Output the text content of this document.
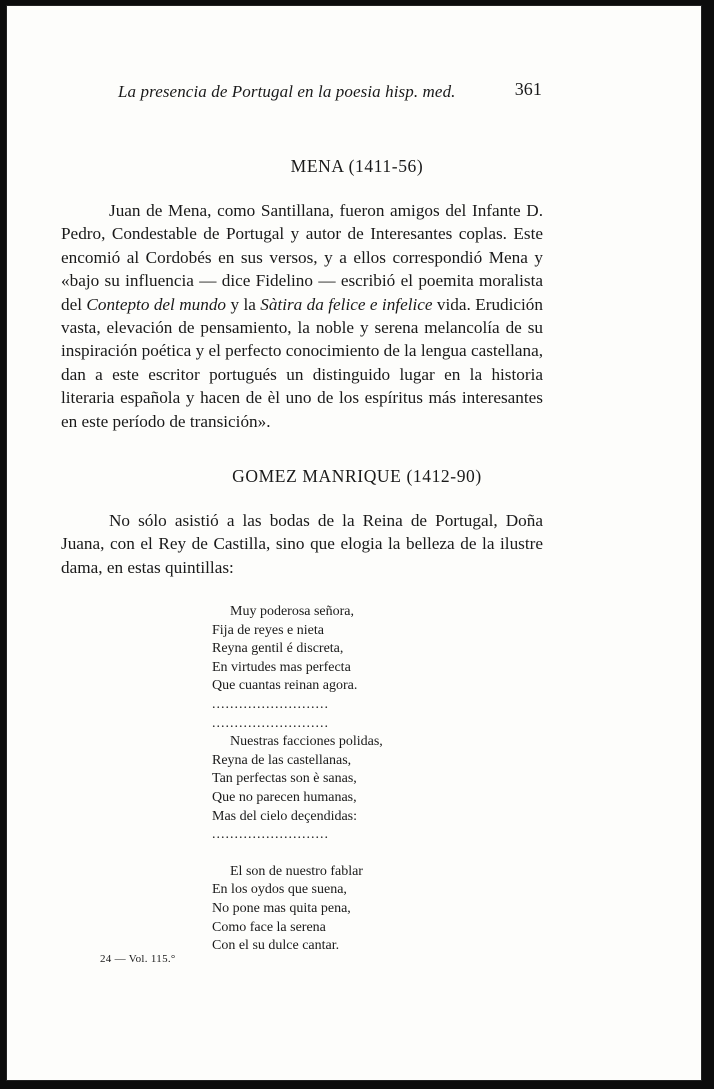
La presencia de Portugal en la poesia hisp. med.	361
MENA (1411-56)
Juan de Mena, como Santillana, fueron amigos del Infante D. Pedro, Condestable de Portugal y autor de Interesantes coplas. Este encomió al Cordobés en sus versos, y a ellos correspondió Mena y «bajo su influencia — dice Fidelino — escribió el poemita moralista del Contepto del mundo y la Sàtira da felice e infelice vida. Erudición vasta, elevación de pensamiento, la noble y serena melancolía de su inspiración poética y el perfecto conocimiento de la lengua castellana, dan a este escritor portugués un distinguido lugar en la historia literaria española y hacen de èl uno de los espíritus más interesantes en este período de transición».
GOMEZ MANRIQUE (1412-90)
No sólo asistió a las bodas de la Reina de Portugal, Doña Juana, con el Rey de Castilla, sino que elogia la belleza de la ilustre dama, en estas quintillas:
Muy poderosa señora,
Fija de reyes e nieta
Reyna gentil é discreta,
En virtudes mas perfecta
Que cuantas reinan agora.
..........................
..........................
Nuestras facciones polidas,
Reyna de las castellanas,
Tan perfectas son è sanas,
Que no parecen humanas,
Mas del cielo deçendidas:
..........................
El son de nuestro fablar
En los oydos que suena,
No pone mas quita pena,
Como face la serena
Con el su dulce cantar.
24 — Vol. 115.°
